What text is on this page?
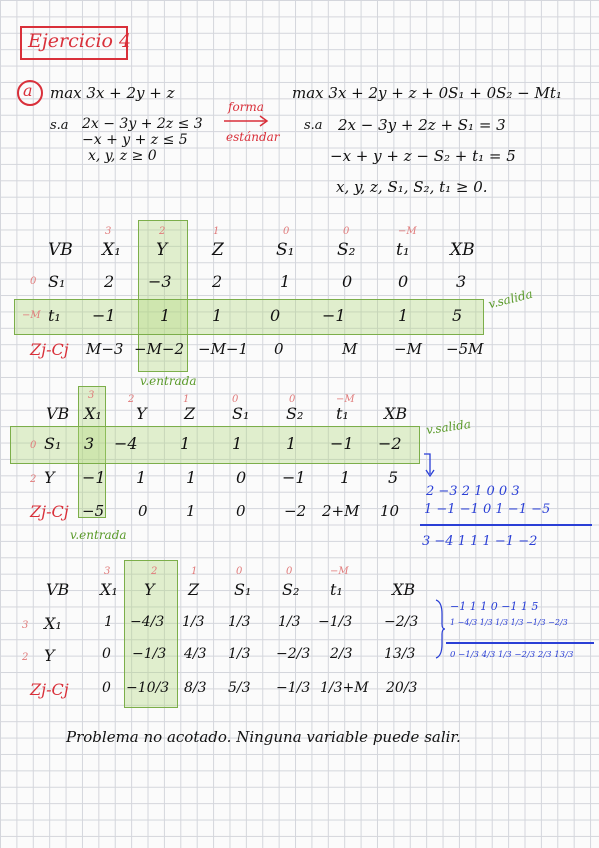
Ejercicio 4
a max 3x + 2y + z
s.a 2x − 3y + 2z ≤ 3
−x + y + z ≤ 5
x, y, z ≥ 0
forma
estándar
max 3x + 2y + z + 0S₁ + 0S₂ − Mt₁
s.a 2x − 3y + 2z + S₁ = 3
−x + y + z − S₂ + t₁ = 5
x, y, z, S₁, S₂, t₁ ≥ 0.
3	2	1	0	0	−M
VB X₁ Y	Z	S₁	S₂ t₁ XB
0 S₁ 2 −3	2	1	0	0	3
−M t₁ −1	1	1	0	−1	1	5
Zj-Cj M−3 −M−2 −M−1 0	M −M −5M
v.salida
v.entrada
3	2	1	0	0	−M
VB X₁ Y Z S₁ S₂ t₁ XB
0 S₁ 3 −4	1	1	1 −1 −2
2 Y −1 1 1 0 −1 1 5
Zj-Cj −5 0	1	0	−2 2+M 10
v.salida
v.entrada
2 −3 2 1 0 0 3
1 −1 −1 0 1 −1 −5
3 −4 1 1 1 −1 −2
3	2	1	0	0	−M
VB X₁ Y Z S₁ S₂ t₁	XB
3 X₁	1 −4/3 1/3 1/3 1/3 −1/3 −2/3
2 Y	0 −1/3 4/3 1/3 −2/3 2/3 13/3
Zj-Cj 0 −10/3 8/3 5/3 −1/3 1/3+M 20/3
−1 1 1 0 −1 1 5
1 −4/3 1/3 1/3 1/3 −1/3 −2/3
0 −1/3 4/3 1/3 −2/3 2/3 13/3
Problema no acotado. Ninguna variable puede salir.
